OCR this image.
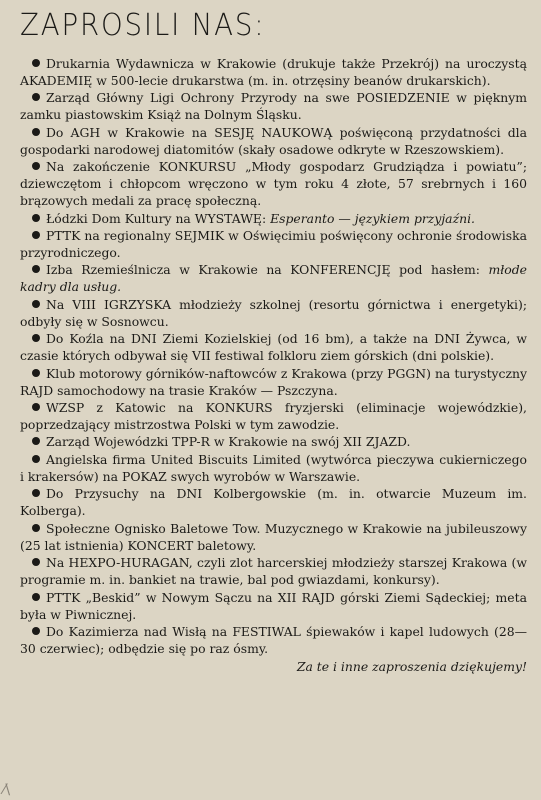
ZAPROSILI NAS:
Drukarnia Wydawnicza w Krakowie (drukuje także Przekrój) na uroczystą AKADEMIĘ w 500-lecie drukarstwa (m. in. otrzęsiny beanów drukarskich).
Zarząd Główny Ligi Ochrony Przyrody na swe POSIEDZENIE w pięknym zamku piastowskim Książ na Dolnym Śląsku.
Do AGH w Krakowie na SESJĘ NAUKOWĄ poświęconą przydatności dla gospodarki narodowej diatomitów (skały osadowe odkryte w Rzeszowskiem).
Na zakończenie KONKURSU „Młody gospodarz Grudziądza i powiatu”; dziewczętom i chłopcom wręczono w tym roku 4 złote, 57 srebrnych i 160 brązowych medali za pracę społeczną.
Łódzki Dom Kultury na WYSTAWĘ: Esperanto — językiem przyjaźni.
PTTK na regionalny SEJMIK w Oświęcimiu poświęcony ochronie środowiska przyrodniczego.
Izba Rzemieślnicza w Krakowie na KONFERENCJĘ pod hasłem: młode kadry dla usług.
Na VIII IGRZYSKA młodzieży szkolnej (resortu górnictwa i energetyki); odbyły się w Sosnowcu.
Do Koźla na DNI Ziemi Kozielskiej (od 16 bm), a także na DNI Żywca, w czasie których odbywał się VII festiwal folkloru ziem górskich (dni polskie).
Klub motorowy górników-naftowców z Krakowa (przy PGGN) na turystyczny RAJD samochodowy na trasie Kraków — Pszczyna.
WZSP z Katowic na KONKURS fryzjerski (eliminacje wojewódzkie), poprzedzający mistrzostwa Polski w tym zawodzie.
Zarząd Wojewódzki TPP-R w Krakowie na swój XII ZJAZD.
Angielska firma United Biscuits Limited (wytwórca pieczywa cukierniczego i krakersów) na POKAZ swych wyrobów w Warszawie.
Do Przysuchy na DNI Kolbergowskie (m. in. otwarcie Muzeum im. Kolberga).
Społeczne Ognisko Baletowe Tow. Muzycznego w Krakowie na jubileuszowy (25 lat istnienia) KONCERT baletowy.
Na HEXPO-HURAGAN, czyli zlot harcerskiej młodzieży starszej Krakowa (w programie m. in. bankiet na trawie, bal pod gwiazdami, konkursy).
PTTK „Beskid” w Nowym Sączu na XII RAJD górski Ziemi Sądeckiej; meta była w Piwnicznej.
Do Kazimierza nad Wisłą na FESTIWAL śpiewaków i kapel ludowych (28—30 czerwiec); odbędzie się po raz ósmy.
Za te i inne zaproszenia dziękujemy!
⁄\
